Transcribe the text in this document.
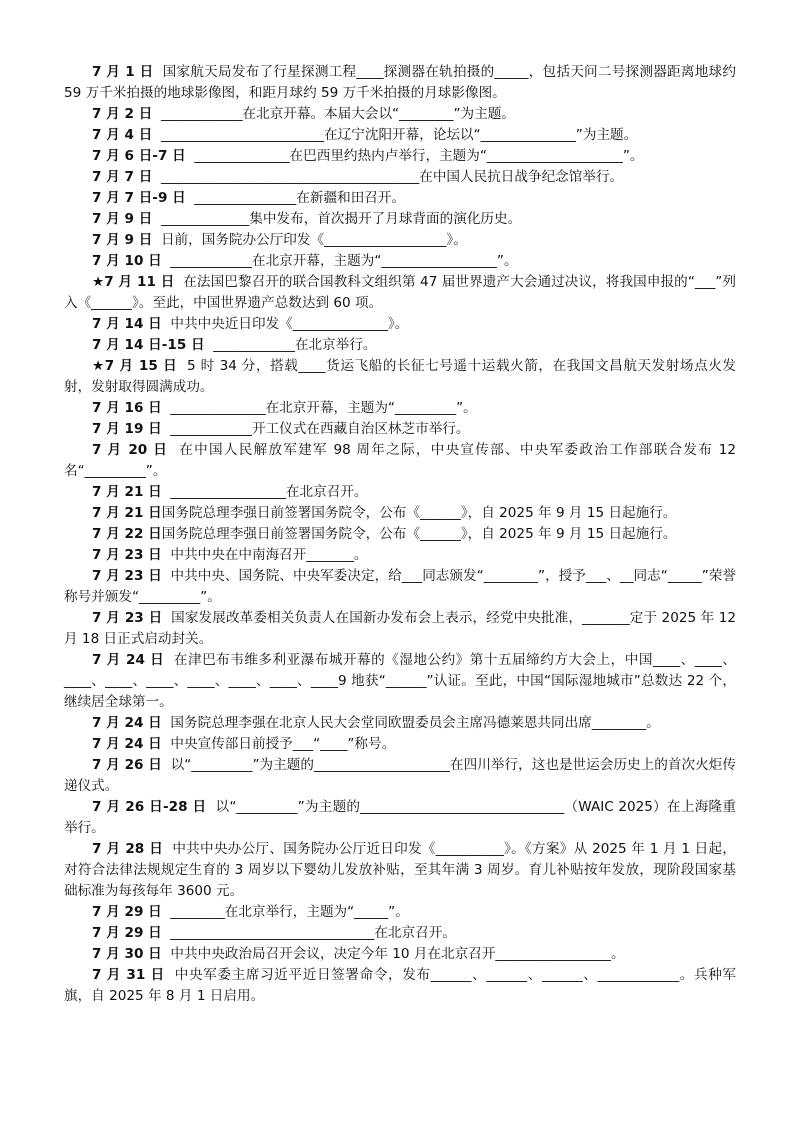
7 月 1 日  国家航天局发布了行星探测工程____探测器在轨拍摄的_____，包括天问二号探测器距离地球约 59 万千米拍摄的地球影像图，和距月球约 59 万千米拍摄的月球影像图。

7 月 2 日  ____________在北京开幕。本届大会以“________”为主题。

7 月 4 日  ________________________在辽宁沈阳开幕，论坛以“______________”为主题。

7 月 6 日-7 日  ______________在巴西里约热内卢举行，主题为“____________________”。

7 月 7 日  ______________________________________在中国人民抗日战争纪念馆举行。

7 月 7 日-9 日  _______________在新疆和田召开。

7 月 9 日  _____________集中发布，首次揭开了月球背面的演化历史。

7 月 9 日  日前，国务院办公厅印发《__________________》。

7 月 10 日  ____________在北京开幕，主题为“_________________”。

★7 月 11 日  在法国巴黎召开的联合国教科文组织第 47 届世界遗产大会通过决议，将我国申报的“___”列入《______》。至此，中国世界遗产总数达到 60 项。

7 月 14 日  中共中央近日印发《______________》。

7 月 14 日-15 日  ____________在北京举行。

★7 月 15 日  5 时 34 分，搭载____货运飞船的长征七号遥十运载火箭，在我国文昌航天发射场点火发射，发射取得圆满成功。

7 月 16 日  ______________在北京开幕，主题为“_________”。

7 月 19 日  ____________开工仪式在西藏自治区林芝市举行。

7 月 20 日  在中国人民解放军建军 98 周年之际，中央宣传部、中央军委政治工作部联合发布 12 名“_________”。

7 月 21 日  _________________在北京召开。

7 月 21 日国务院总理李强日前签署国务院令，公布《______》，自 2025 年 9 月 15 日起施行。

7 月 22 日国务院总理李强日前签署国务院令，公布《______》，自 2025 年 9 月 15 日起施行。

7 月 23 日  中共中央在中南海召开_______。

7 月 23 日  中共中央、国务院、中央军委决定，给___同志颁发“________”，授予___、__同志“_____”荣誉称号并颁发“_________”。

7 月 23 日  国家发展改革委相关负责人在国新办发布会上表示，经党中央批准，_______定于 2025 年 12 月 18 日正式启动封关。

7 月 24 日  在津巴布韦维多利亚瀑布城开幕的《湿地公约》第十五届缔约方大会上，中国____、____、____、____、____、____、____、____、____9 地获“______”认证。至此，中国“国际湿地城市”总数达 22 个，继续居全球第一。

7 月 24 日  国务院总理李强在北京人民大会堂同欧盟委员会主席冯德莱恩共同出席________。

7 月 24 日  中央宣传部日前授予___“____”称号。

7 月 26 日  以“_________”为主题的____________________在四川举行，这也是世运会历史上的首次火炬传递仪式。

7 月 26 日-28 日  以“_________”为主题的______________________________（WAIC 2025）在上海隆重举行。

7 月 28 日  中共中央办公厅、国务院办公厅近日印发《__________》。《方案》从 2025 年 1 月 1 日起，对符合法律法规规定生育的 3 周岁以下婴幼儿发放补贴，至其年满 3 周岁。育儿补贴按年发放，现阶段国家基础标准为每孩每年 3600 元。

7 月 29 日  ________在北京举行，主题为“_____”。

7 月 29 日  ______________________________在北京召开。

7 月 30 日  中共中央政治局召开会议，决定今年 10 月在北京召开_________________。

7 月 31 日  中央军委主席习近平近日签署命令，发布______、______、______、____________。兵种军旗，自 2025 年 8 月 1 日启用。
